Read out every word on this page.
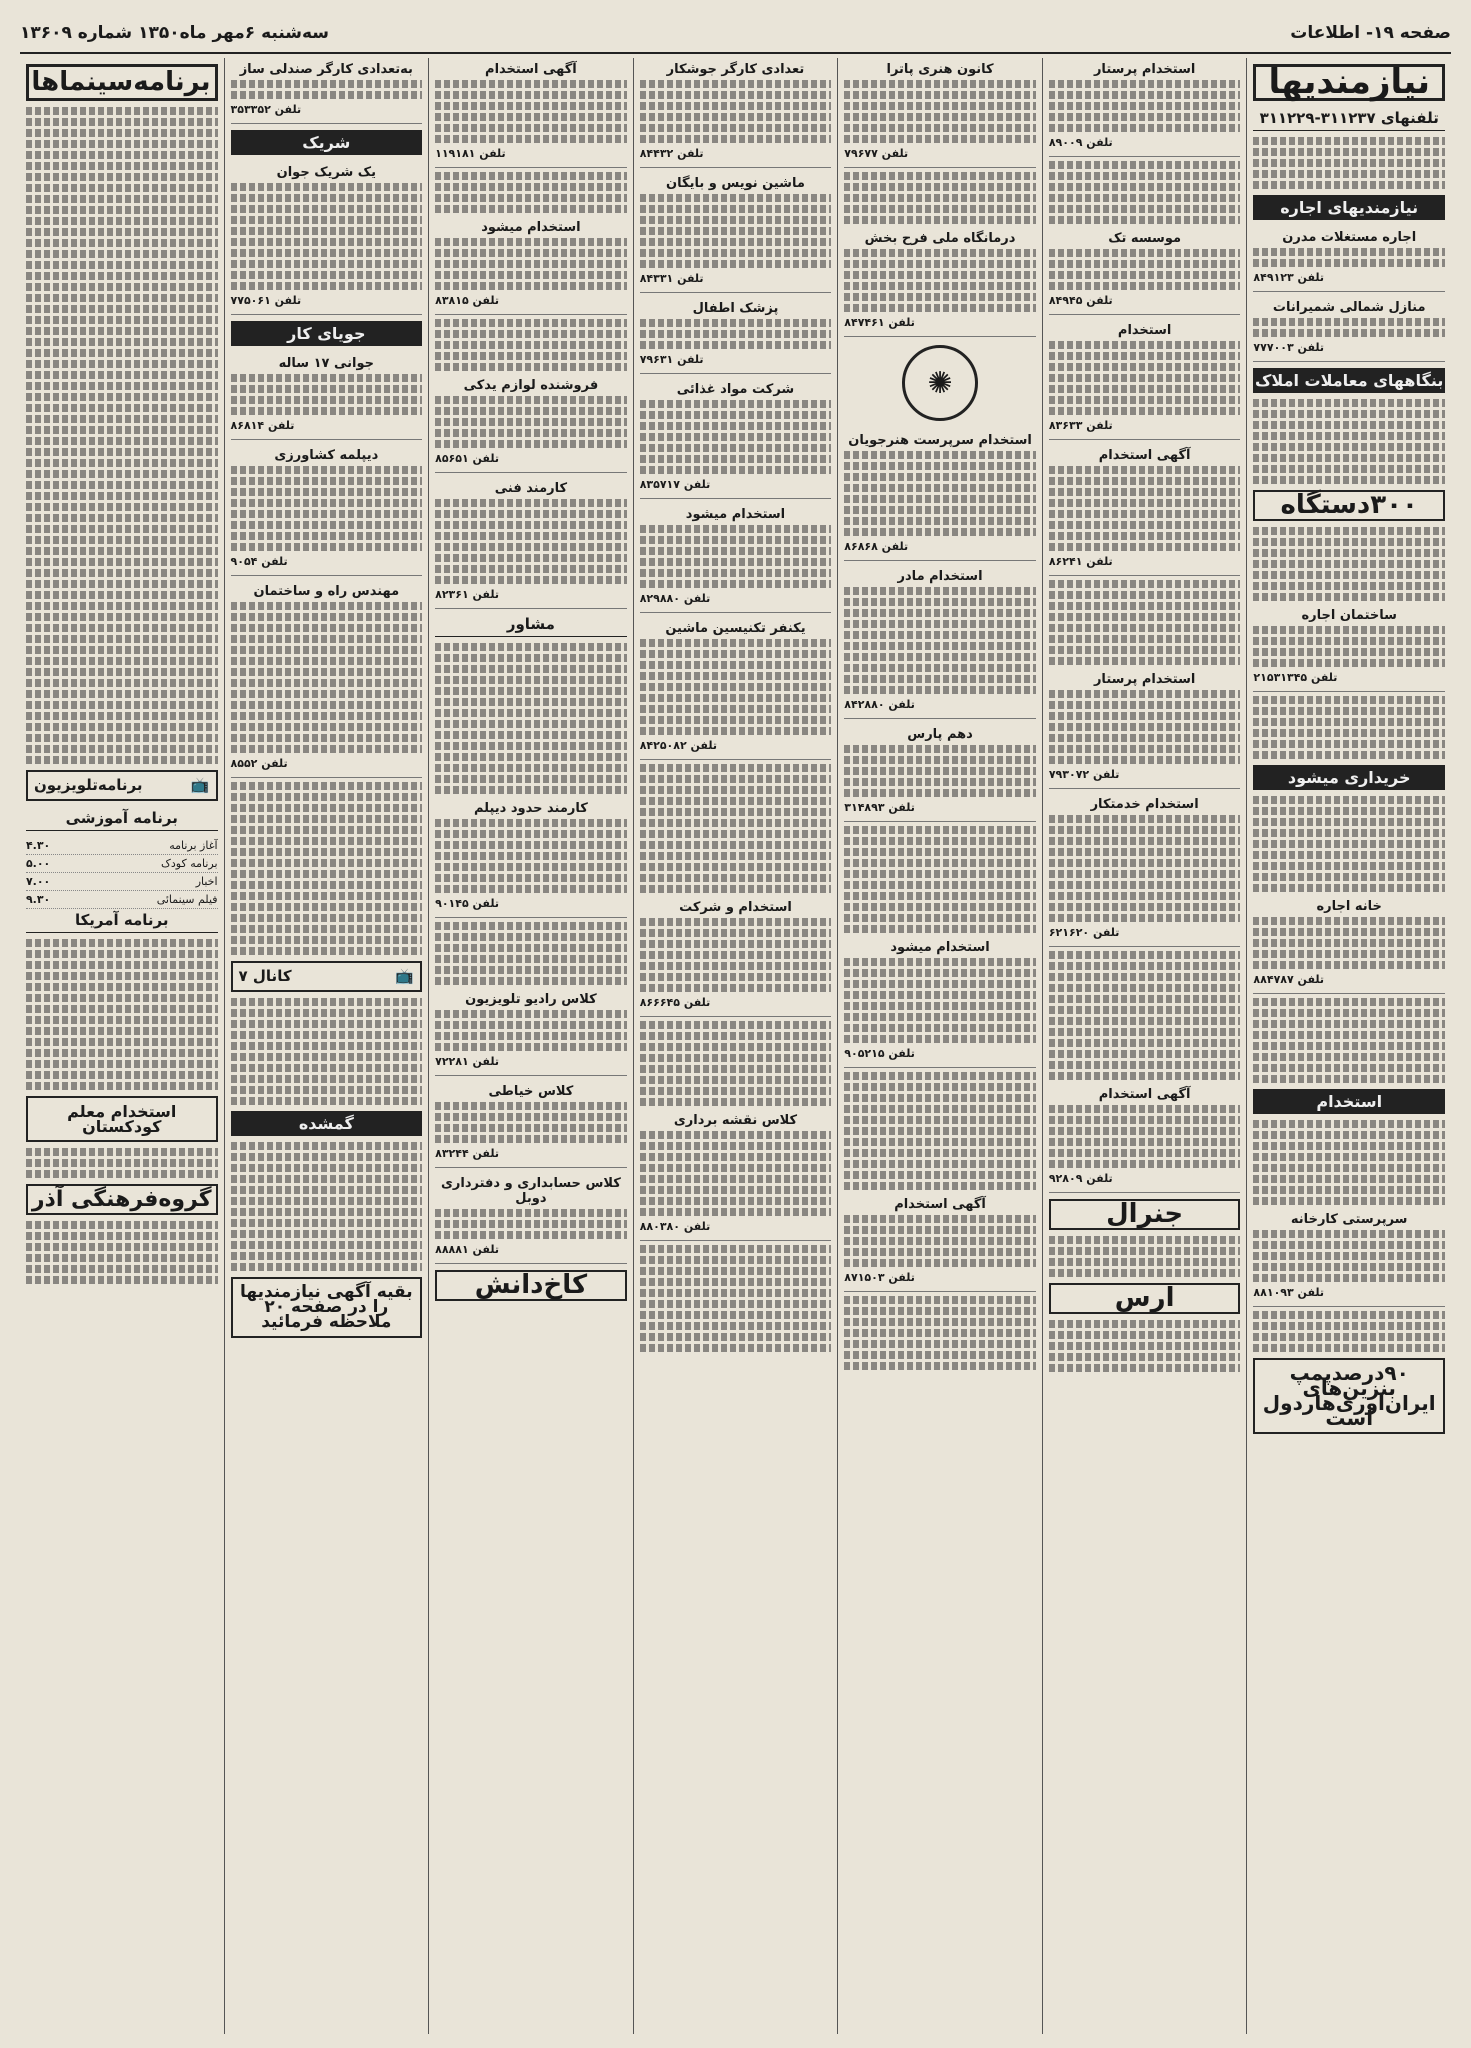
صفحه ۱۹- اطلاعات
سه‌شنبه ۶مهر ماه۱۳۵۰ شماره ۱۳۶۰۹
نیازمندیها
تلفنهای ۳۱۱۲۳۷-۳۱۱۲۲۹
نیازمندیهای اجاره
اجاره مستغلات مدرن

تلفن ۸۴۹۱۲۳

منازل شمالی شمیرانات

تلفن ۷۷۷۰۰۳

بنگاههای معاملات املاک
۳۰۰دستگاه
ساختمان اجاره

تلفن ۲۱۵۳۱۳۴۵

خریداری میشود
خانه اجاره

تلفن ۸۸۴۷۸۷

استخدام
سرپرستی کارخانه

تلفن ۸۸۱۰۹۳

۹۰درصدپمپ بنزین‌های ایران‌اوری‌هاردول است
استخدام پرستار

تلفن ۸۹۰۰۹

موسسه تک

تلفن ۸۴۹۴۵

استخدام

تلفن ۸۳۶۳۳

آگهی استخدام

تلفن ۸۶۲۴۱

استخدام پرستار

تلفن ۷۹۳۰۷۲

استخدام خدمتکار

تلفن ۶۲۱۶۲۰

آگهی استخدام

تلفن ۹۲۸۰۹

جنرال
ارس
کانون هنری پاترا

تلفن ۷۹۶۷۷

درمانگاه ملی فرح بخش

تلفن ۸۴۷۴۶۱

✺
استخدام سرپرست هنرجویان

تلفن ۸۶۸۶۸

استخدام مادر

تلفن ۸۴۲۸۸۰

دهم پارس

تلفن ۳۱۴۸۹۳

استخدام میشود

تلفن ۹۰۵۲۱۵

آگهی استخدام

تلفن ۸۷۱۵۰۳

تعدادی کارگر جوشکار

تلفن ۸۴۴۳۲

ماشین نویس و بایگان

تلفن ۸۴۳۳۱

پزشک اطفال

تلفن ۷۹۶۳۱

شرکت مواد غذائی

تلفن ۸۳۵۷۱۷

استخدام میشود

تلفن ۸۲۹۸۸۰

یکنفر تکنیسین ماشین

تلفن ۸۴۲۵۰۸۲

استخدام و شرکت

تلفن ۸۶۶۶۴۵

کلاس نقشه برداری

تلفن ۸۸۰۳۸۰

آگهی استخدام

تلفن ۱۱۹۱۸۱

استخدام میشود

تلفن ۸۳۸۱۵

فروشنده لوازم یدکی

تلفن ۸۵۶۵۱

کارمند فنی

تلفن ۸۲۳۶۱

مشاور
کارمند حدود دیپلم

تلفن ۹۰۱۴۵

کلاس رادیو تلویزیون

تلفن ۷۲۲۸۱

کلاس خیاطی

تلفن ۸۳۲۴۴

کلاس حسابداری و دفترداری دوبل

تلفن ۸۸۸۸۱

کاخ‌دانش
به‌تعدادی کارگر صندلی ساز

تلفن ۳۵۳۳۵۲

شریک
یک شریک جوان

تلفن ۷۷۵۰۶۱

جویای کار
جوانی ۱۷ ساله

تلفن ۸۶۸۱۴

دیپلمه کشاورزی

تلفن ۹۰۵۴

مهندس راه و ساختمان

تلفن ۸۵۵۲

📺
کانال ۷
گمشده
بقیه آگهی نیازمندیها را در صفحه ۲۰ ملاحظه فرمائید
برنامه‌سینماها
📺
برنامه‌تلویزیون
برنامه آموزشی
آغاز برنامه
۴.۳۰
برنامه کودک
۵.۰۰
اخبار
۷.۰۰
فیلم سینمائی
۹.۳۰
برنامه آمریکا
استخدام معلم کودکستان
گروه‌فرهنگی آذر
